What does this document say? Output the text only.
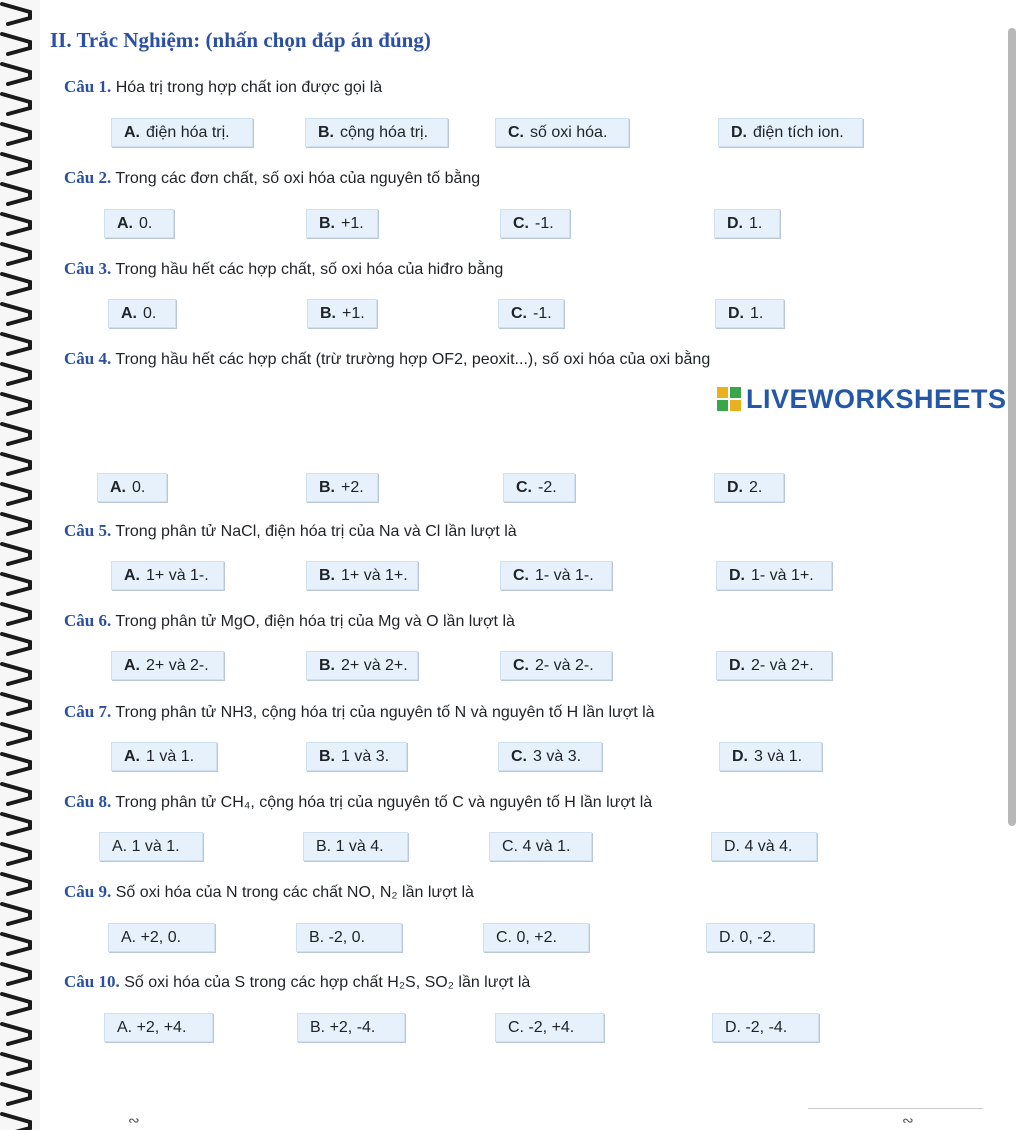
II. Trắc Nghiệm: (nhấn chọn đáp án đúng)
Câu 1. Hóa trị trong hợp chất ion được gọi là
Câu 2. Trong các đơn chất, số oxi hóa của nguyên tố bằng
Câu 3. Trong hầu hết các hợp chất, số oxi hóa của hiđro bằng
Câu 4. Trong hầu hết các hợp chất (trừ trường hợp OF2, peoxit...), số oxi hóa của oxi bằng
Câu 5. Trong phân tử NaCl, điện hóa trị của Na và Cl lần lượt là
Câu 6. Trong phân tử MgO, điện hóa trị của Mg và O lần lượt là
Câu 7. Trong phân tử NH3, cộng hóa trị của nguyên tố N và nguyên tố H lần lượt là
Câu 8. Trong phân tử CH₄, cộng hóa trị của nguyên tố C và nguyên tố H lần lượt là
Câu 9. Số oxi hóa của N trong các chất NO, N₂ lần lượt là
Câu 10. Số oxi hóa của S trong các hợp chất H₂S, SO₂ lần lượt là
A. điện hóa trị.	B. cộng hóa trị.	C. số oxi hóa.	D. điện tích ion.
A. 0.	B. +1.	C. -1.	D. 1.
A. 0.	B. +1.	C. -1.	D. 1.
LIVEWORKSHEETS
A. 0.	B. +2.	C. -2.	D. 2.
A. 1+ và 1-.	B. 1+ và 1+.	C. 1- và 1-.	D. 1- và 1+.
A. 2+ và 2-.	B. 2+ và 2+.	C. 2- và 2-.	D. 2- và 2+.
A. 1 và 1.	B. 1 và 3.	C. 3 và 3.	D. 3 và 1.
A. 1 và 1.	B. 1 và 4.	C. 4 và 1.	D. 4 và 4.
A. +2, 0.	B. -2, 0.	C. 0, +2.	D. 0, -2.
A. +2, +4.	B. +2, -4.	C. -2, +4.	D. -2, -4.
∾	∾
